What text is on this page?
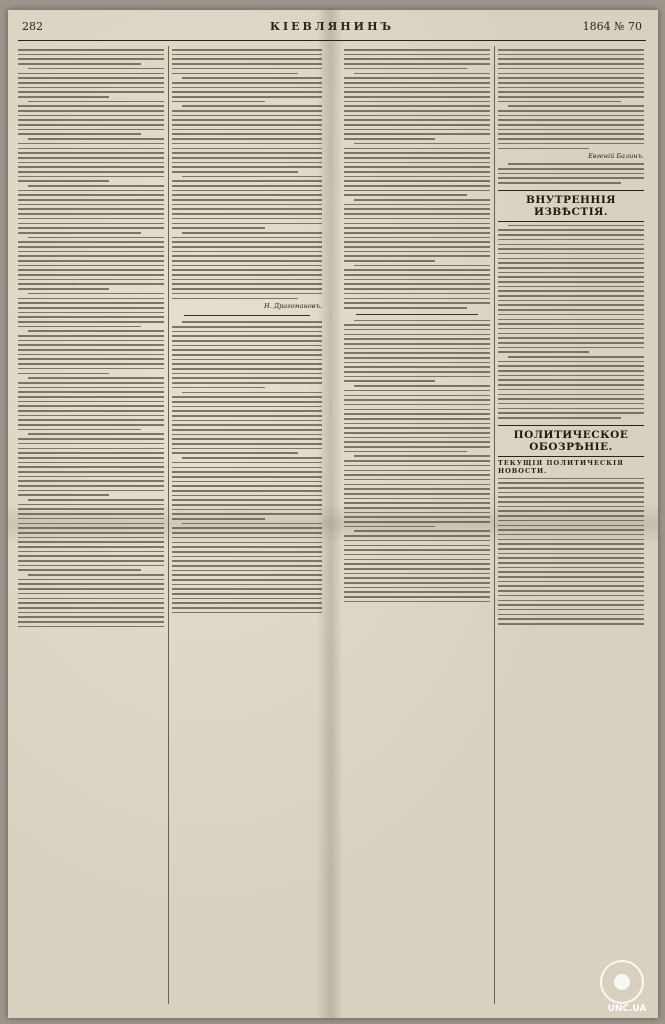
282	КІЕВЛЯНИНЪ	1864 № 70
Н. Драгомановъ.
Евгеній Балинъ.
ВНУТРЕННІЯ ИЗВѢСТІЯ.
ПОЛИТИЧЕСКОЕ ОБОЗРѢНІЕ.
ТЕКУЩІЯ ПОЛИТИЧЕСКІЯ НОВОСТИ.
UNC.UA
